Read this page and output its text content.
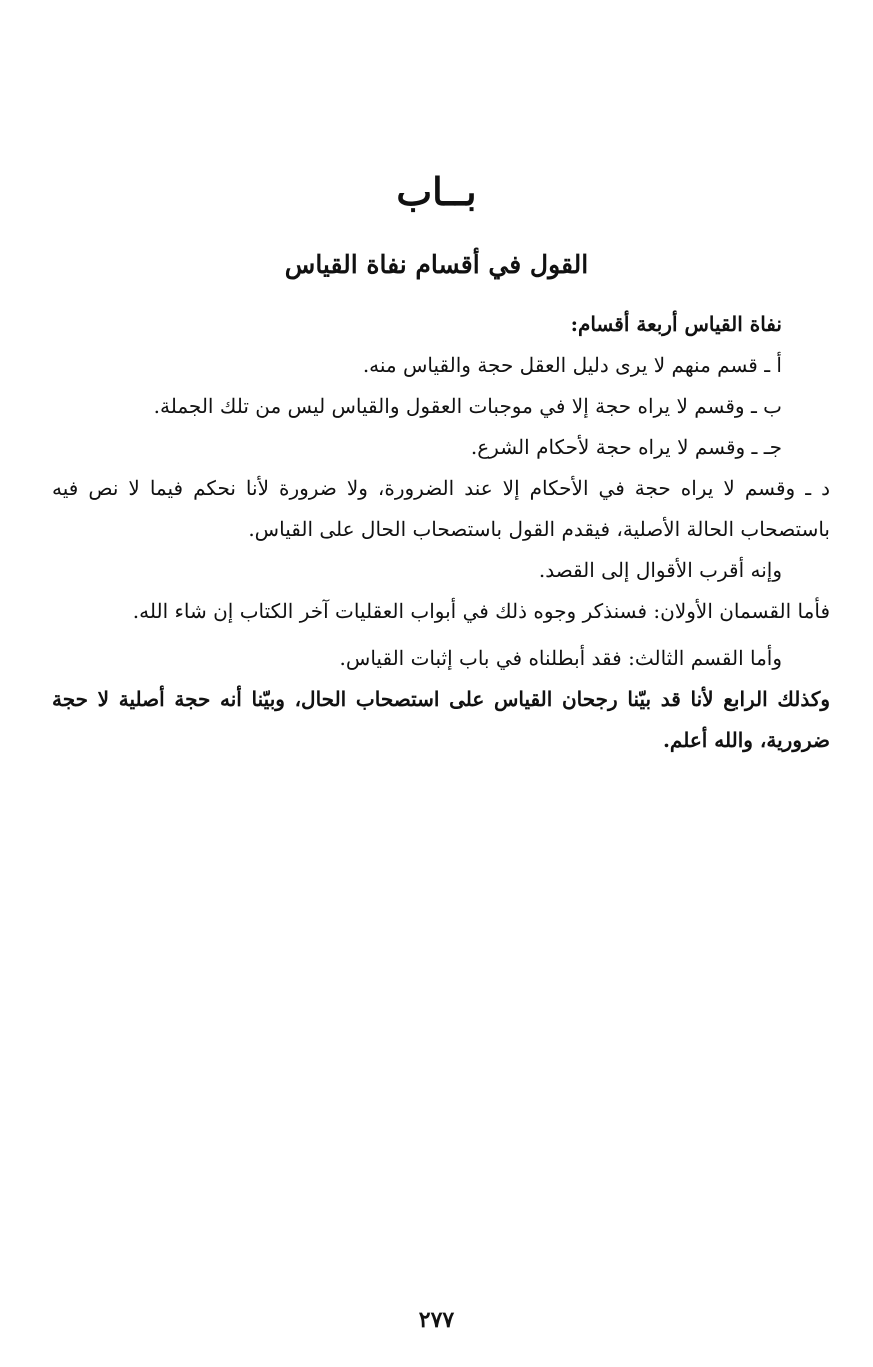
بــاب
القول في أقسام نفاة القياس

نفاة القياس أربعة أقسام:

أ ـ قسم منهم لا يرى دليل العقل حجة والقياس منه.

ب ـ وقسم لا يراه حجة إلا في موجبات العقول والقياس ليس من تلك الجملة.

جـ ـ وقسم لا يراه حجة لأحكام الشرع.

د ـ وقسم لا يراه حجة في الأحكام إلا عند الضرورة، ولا ضرورة لأنا نحكم فيما لا نص فيه باستصحاب الحالة الأصلية، فيقدم القول باستصحاب الحال على القياس.

وإنه أقرب الأقوال إلى القصد.

فأما القسمان الأولان: فسنذكر وجوه ذلك في أبواب العقليات آخر الكتاب إن شاء الله.

وأما القسم الثالث: فقد أبطلناه في باب إثبات القياس.

وكذلك الرابع لأنا قد بيّنا رجحان القياس على استصحاب الحال، وبيّنا أنه حجة أصلية لا حجة ضرورية، والله أعلم.

٢٧٧
